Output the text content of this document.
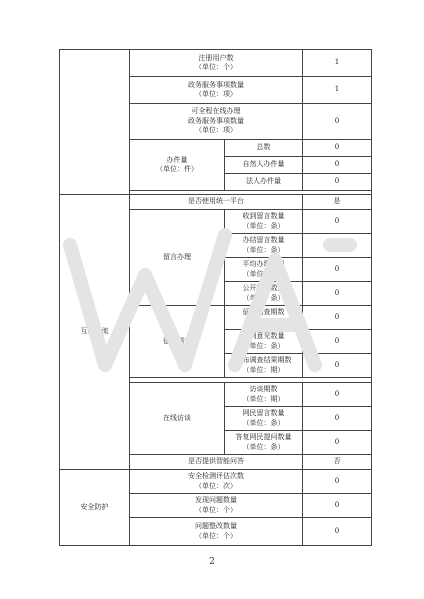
	注册用户数
（单位：个）		1
	政务服务事项数量
（单位：项）		1
	可全程在线办理
政务服务事项数量
（单位：项）		0
	办件量
（单位：件）	总数	0
		自然人办件量	0
		法人办件量	0

互动交流	是否使用统一平台		是
	留言办理	收到留言数量
（单位：条）	0
		办结留言数量
（单位：条）	0
		平均办理时间
（单位：天）	0
		公开答复数量
（单位：条）	0
	征集调查	征集调查期数
（单位：期）	0
		收到意见数量
（单位：条）	0
		公布调查结果期数
（单位：期）	0

	在线访谈	访谈期数
（单位：期）	0
		网民留言数量
（单位：条）	0
		答复网民提问数量
（单位：条）	0
	是否提供智能问答		否
安全防护	安全检测评估次数
（单位：次）		0
	发现问题数量
（单位：个）		0
	问题整改数量
（单位：个）		0
2
